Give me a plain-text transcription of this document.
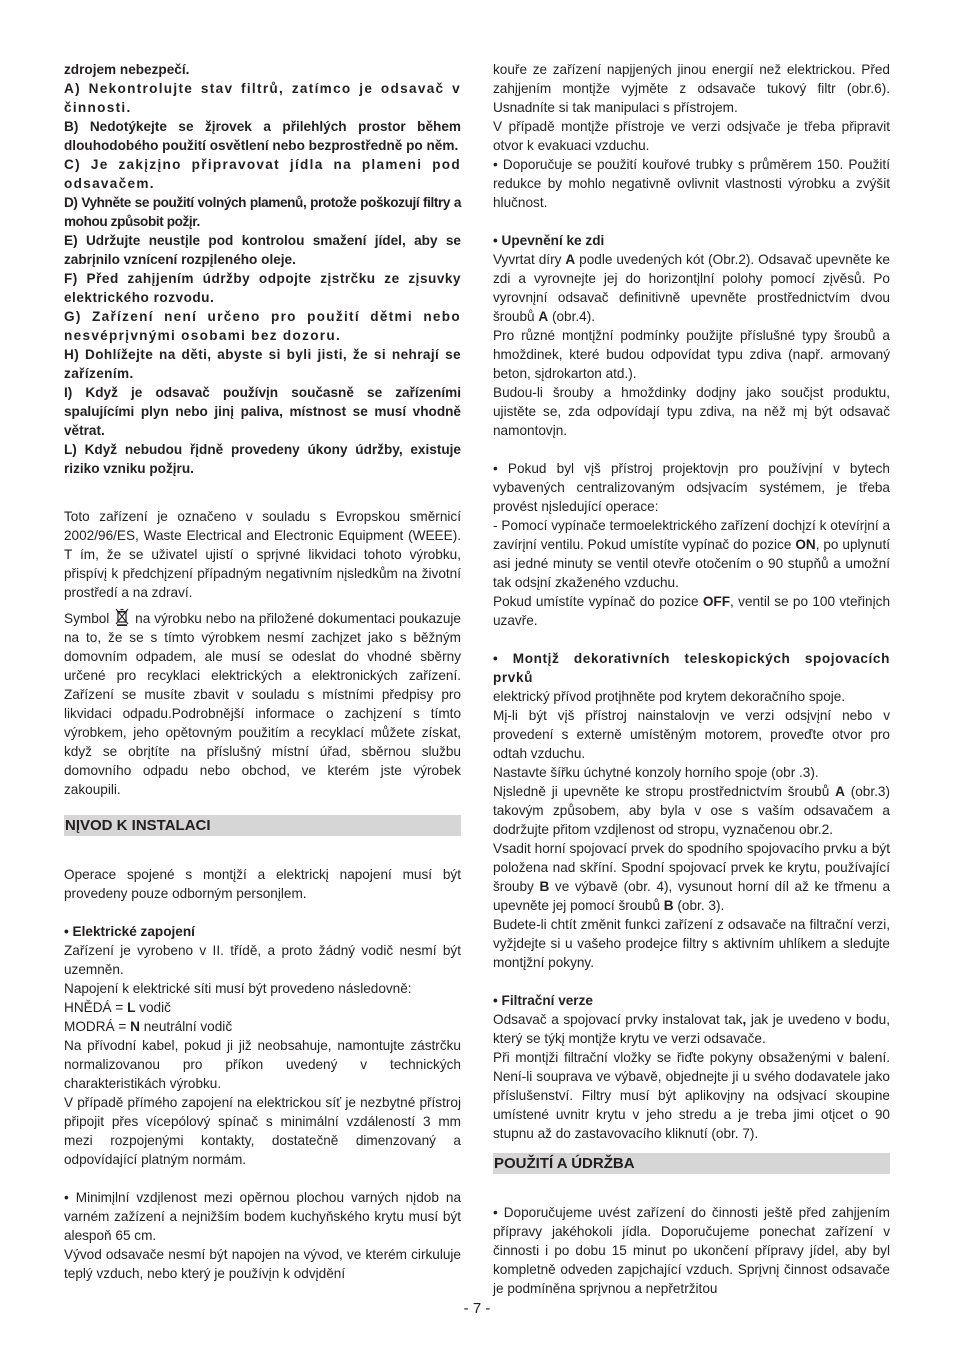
zdrojem nebezpečí.

A) Nekontrolujte stav filtrů, zatímco je odsavač v činnosti.

B) Nedotýkejte se žįrovek a přilehlých prostor během dlouhodobého použití osvětlení nebo bezprostředně po něm.

C) Je zakįzįno připravovat jídla na plameni pod odsavačem.

D) Vyhněte se použití volných plamenů, protože poškozují filtry a mohou způsobit požįr.

E) Udržujte neustįle pod kontrolou smažení jídel, aby se zabrįnilo vznícení rozpįleného oleje.

F) Před zahįjením údržby odpojte zįstrčku ze zįsuvky elektrického rozvodu.

G) Zařízení není určeno pro použití dětmi nebo nesvéprįvnými osobami bez dozoru.

H) Dohlížejte na děti, abyste si byli jisti, že si nehrají se zařízením.

I) Když je odsavač používįn současně se zařízeními spalujícími plyn nebo jinį paliva, místnost se musí vhodně větrat.

L) Když nebudou řįdně provedeny úkony údržby, existuje riziko vzniku požįru.

Toto zařízení je označeno v souladu s Evropskou směrnicí 2002/96/ES, Waste Electrical and Electronic Equipment (WEEE). T ím, že se uživatel ujistí o sprįvné likvidaci tohoto výrobku, přispívį k předchįzení případným negativním nįsledkům na životní prostředí a na zdraví.

Symbol na výrobku nebo na přiložené dokumentaci poukazuje na to, že se s tímto výrobkem nesmí zachįzet jako s běžným domovním odpadem, ale musí se odeslat do vhodné sběrny určené pro recyklaci elektrických a elektronických zařízení. Zařízení se musíte zbavit v souladu s místními předpisy pro likvidaci odpadu.Podrobnější informace o zachįzení s tímto výrobkem, jeho opětovným použitím a recyklací můžete získat, když se obrįtíte na příslušný místní úřad, sběrnou službu domovního odpadu nebo obchod, ve kterém jste výrobek zakoupili.

NĮVOD K INSTALACI

Operace spojené s montįží a elektrickį napojení musí být provedeny pouze odborným personįlem.

• Elektrické zapojení

Zařízení je vyrobeno v II. třídě, a proto žádný vodič nesmí být uzemněn.

Napojení k elektrické síti musí být provedeno následovně:

HNĚDÁ = L vodič

MODRÁ = N neutrální vodič

Na přívodní kabel, pokud ji již neobsahuje, namontujte zástrčku normalizovanou pro příkon uvedený v technických charakteristikách výrobku.

V případě přímého zapojení na elektrickou síť je nezbytné přístroj připojit přes vícepólový spínač s minimální vzdáleností 3 mm mezi rozpojenými kontakty, dostatečně dimenzovaný a odpovídající platným normám.

• Minimįlní vzdįlenost mezi opěrnou plochou varných nįdob na varném zažízení a nejnižším bodem kuchyňského krytu musí být alespoň 65 cm.

Vývod odsavače nesmí být napojen na vývod, ve kterém cirkuluje teplý vzduch, nebo který je používįn k odvįdění

kouře ze zařízení napįjených jinou energií než elektrickou. Před zahįjením montįže vyjměte z odsavače tukový filtr (obr.6). Usnadníte si tak manipulaci s přístrojem.

V případě montįže přístroje ve verzi odsįvače je třeba připravit otvor k evakuaci vzduchu.

• Doporučuje se použití kouřové trubky s průměrem 150. Použití redukce by mohlo negativně ovlivnit vlastnosti výrobku a zvýšit hlučnost.

• Upevnění ke zdi

Vyvrtat díry A podle uvedených kót (Obr.2). Odsavač upevněte ke zdi a vyrovnejte jej do horizontįlní polohy pomocí zįvěsů. Po vyrovnįní odsavač definitivně upevněte prostřednictvím dvou šroubů A (obr.4).

Pro různé montįžní podmínky použijte příslušné typy šroubů a hmoždinek, které budou odpovídat typu zdiva (např. armovaný beton, sįdrokarton atd.).

Budou-li šrouby a hmoždinky dodįny jako součįst produktu, ujistěte se, zda odpovídají typu zdiva, na něž mį být odsavač namontovįn.

• Pokud byl vįš přístroj projektovįn pro používįní v bytech vybavených centralizovaným odsįvacím systémem, je třeba provést nįsledující operace:

- Pomocí vypínače termoelektrického zařízení dochįzí k otevírįní a zavírįní ventilu. Pokud umístíte vypínač do pozice ON, po uplynutí asi jedné minuty se ventil otevře otočením o 90 stupňů a umožní tak odsįní zkaženého vzduchu.

Pokud umístíte vypínač do pozice OFF, ventil se po 100 vteřinįch uzavře.

• Montįž dekorativních teleskopických spojovacích prvků

elektrický přívod protįhněte pod krytem dekoračního spoje.

Mį-li být vįš přístroj nainstalovįn ve verzi odsįvįní nebo v provedení s externě umístěným motorem, proveďte otvor pro odtah vzduchu.

Nastavte šířku úchytné konzoly horního spoje (obr .3).

Nįsledně ji upevněte ke stropu prostřednictvím šroubů A (obr.3) takovým způsobem, aby byla v ose s vaším odsavačem a dodržujte přitom vzdįlenost od stropu, vyznačenou obr.2.

Vsadit horní spojovací prvek do spodního spojovacího prvku a být položena nad skříní. Spodní spojovací prvek ke krytu, používající šrouby B ve výbavě (obr. 4), vysunout horní díl až ke třmenu a upevněte jej pomocí šroubů B (obr. 3).

Budete-li chtít změnit funkci zařízení z odsavače na filtrační verzi, vyžįdejte si u vašeho prodejce filtry s aktivním uhlíkem a sledujte montįžní pokyny.

• Filtrační verze

Odsavač a spojovací prvky instalovat tak, jak je uvedeno v bodu, který se týkį montįže krytu ve verzi odsavače.

Při montįži filtrační vložky se řiďte pokyny obsaženými v balení. Není-li souprava ve výbavě, objednejte ji u svého dodavatele jako příslušenství. Filtry musí být aplikovįny na odsįvací skoupine umístené uvnitr krytu v jeho stredu a je treba jimi otįcet o 90 stupnu až do zastavovacího kliknutí (obr. 7).

POUŽITÍ A ÚDRŽBA

• Doporučujeme uvést zařízení do činnosti ještě před zahįjením přípravy jakéhokoli jídla. Doporučujeme ponechat zařízení v činnosti i po dobu 15 minut po ukončení přípravy jídel, aby byl kompletně odveden zapįchající vzduch. Sprįvnį činnost odsavače je podmíněna sprįvnou a nepřetržitou

- 7 -
